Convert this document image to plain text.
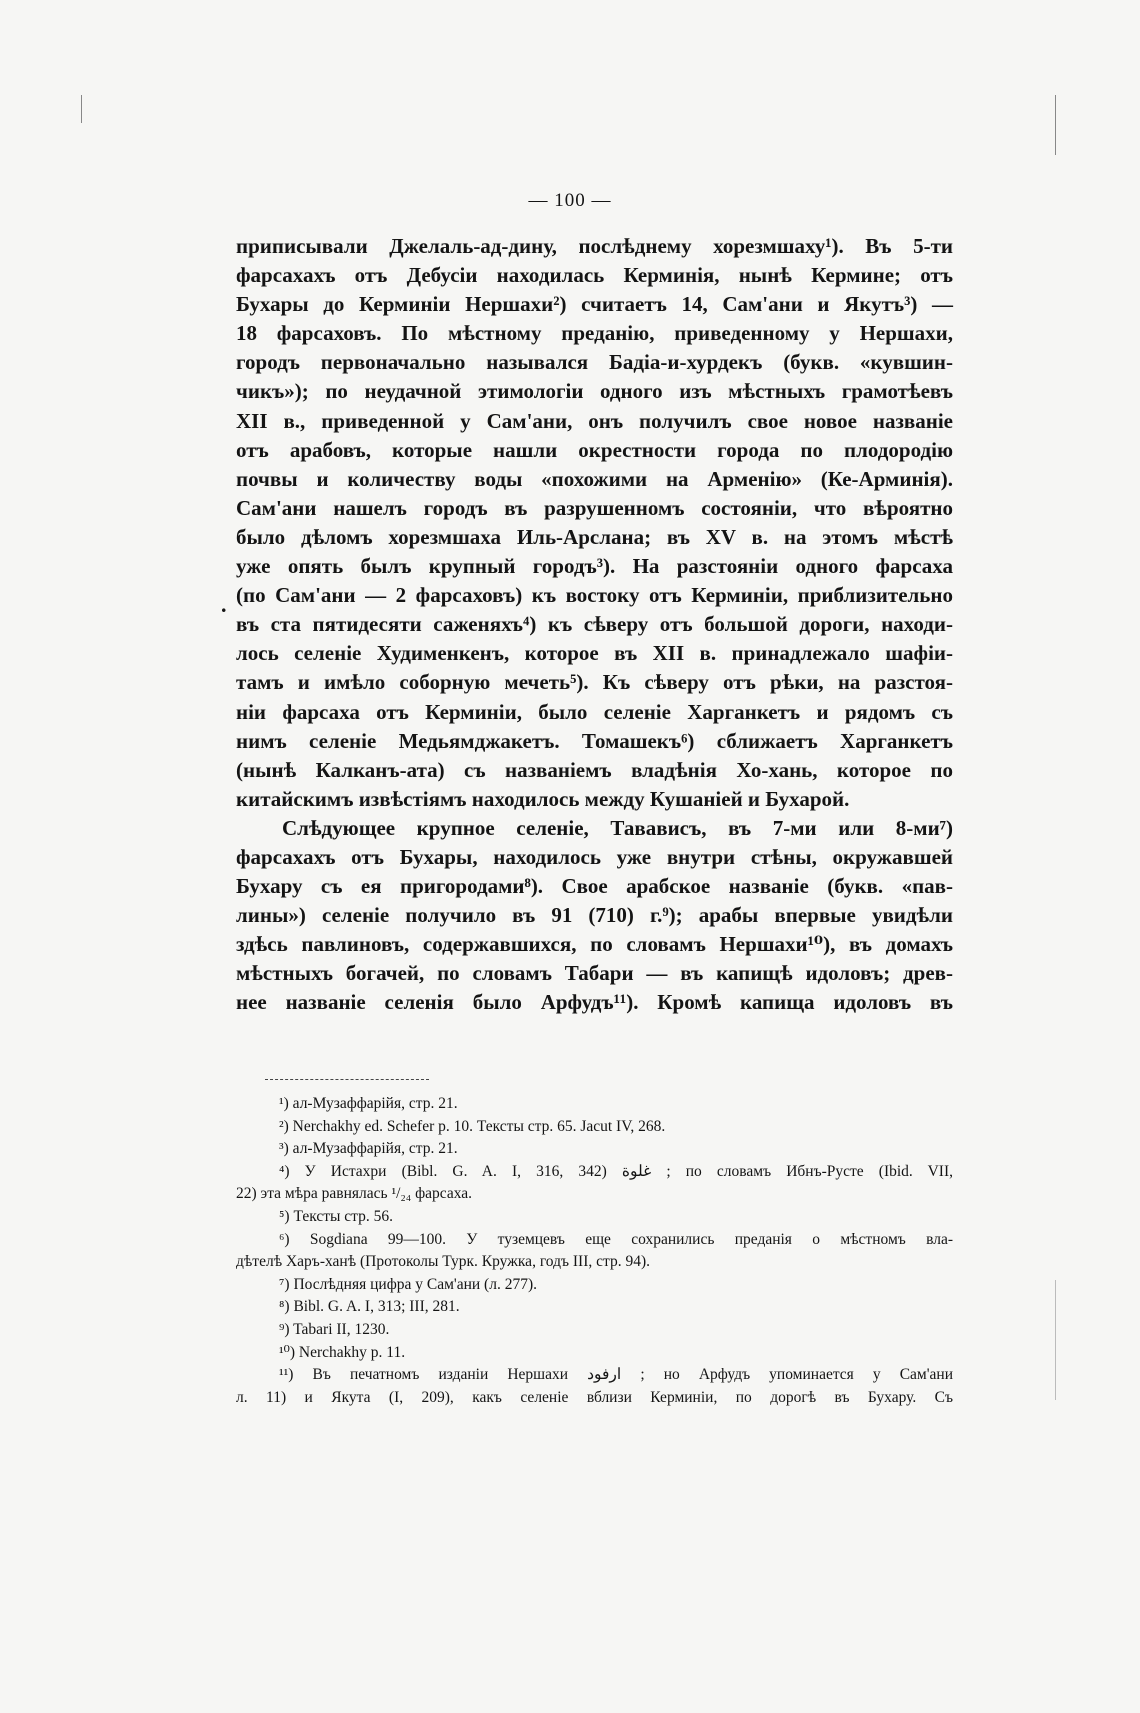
— 100 —
.
приписывали Джелаль-ад-дину, послѣднему хорезмшаху¹). Въ 5-ти
фарсахахъ отъ Дебусіи находилась Керминія, нынѣ Кермине; отъ
Бухары до Керминіи Нершахи²) считаетъ 14, Сам'ани и Якутъ³) —
18 фарсаховъ. По мѣстному преданію, приведенному у Нершахи,
городъ первоначально назывался Бадіа-и-хурдекъ (букв. «кувшин-
чикъ»); по неудачной этимологіи одного изъ мѣстныхъ грамотѣевъ
XII в., приведенной у Сам'ани, онъ получилъ свое новое названіе
отъ арабовъ, которые нашли окрестности города по плодородію
почвы и количеству воды «похожими на Арменію» (Ке-Арминія).
Сам'ани нашелъ городъ въ разрушенномъ состояніи, что вѣроятно
было дѣломъ хорезмшаха Иль-Арслана; въ XV в. на этомъ мѣстѣ
уже опять былъ крупный городъ³). На разстояніи одного фарсаха
(по Сам'ани — 2 фарсаховъ) къ востоку отъ Керминіи, приблизительно
въ ста пятидесяти саженяхъ⁴) къ сѣверу отъ большой дороги, находи-
лось селеніе Худименкенъ, которое въ XII в. принадлежало шафіи-
тамъ и имѣло соборную мечеть⁵). Къ сѣверу отъ рѣки, на разстоя-
ніи фарсаха отъ Керминіи, было селеніе Харганкетъ и рядомъ съ
нимъ селеніе Медьямджакетъ. Томашекъ⁶) сближаетъ Харганкетъ
(нынѣ Калканъ-ата) съ названіемъ владѣнія Хо-хань, которое по
китайскимъ извѣстіямъ находилось между Кушаніей и Бухарой.
Слѣдующее крупное селеніе, Тавависъ, въ 7-ми или 8-ми⁷)
фарсахахъ отъ Бухары, находилось уже внутри стѣны, окружавшей
Бухару съ ея пригородами⁸). Свое арабское названіе (букв. «пав-
лины») селеніе получило въ 91 (710) г.⁹); арабы впервые увидѣли
здѣсь павлиновъ, содержавшихся, по словамъ Нершахи¹⁰), въ домахъ
мѣстныхъ богачей, по словамъ Табари — въ капищѣ идоловъ; древ-
нее названіе селенія было Арфудъ¹¹). Кромѣ капища идоловъ въ
¹) ал-Музаффарійя, стр. 21.
²) Nerchakhy ed. Schefer p. 10. Тексты стр. 65. Jacut IV, 268.
³) ал-Музаффарійя, стр. 21.
⁴) У Истахри (Bibl. G. A. I, 316, 342) غلوة ; по словамъ Ибнъ-Русте (Ibid. VII,
22) эта мѣра равнялась ¹/₂₄ фарсаха.
⁵) Тексты стр. 56.
⁶) Sogdiana 99—100. У туземцевъ еще сохранились преданія о мѣстномъ вла-
дѣтелѣ Харъ-ханѣ (Протоколы Турк. Кружка, годъ III, стр. 94).
⁷) Послѣдняя цифра у Сам'ани (л. 277).
⁸) Bibl. G. A. I, 313; III, 281.
⁹) Tabari II, 1230.
¹⁰) Nerchakhy p. 11.
¹¹) Въ печатномъ изданіи Нершахи ارفود ; но Арфудъ упоминается у Сам'ани
л. 11) и Якута (I, 209), какъ селеніе вблизи Керминіи, по дорогѣ въ Бухару. Съ
